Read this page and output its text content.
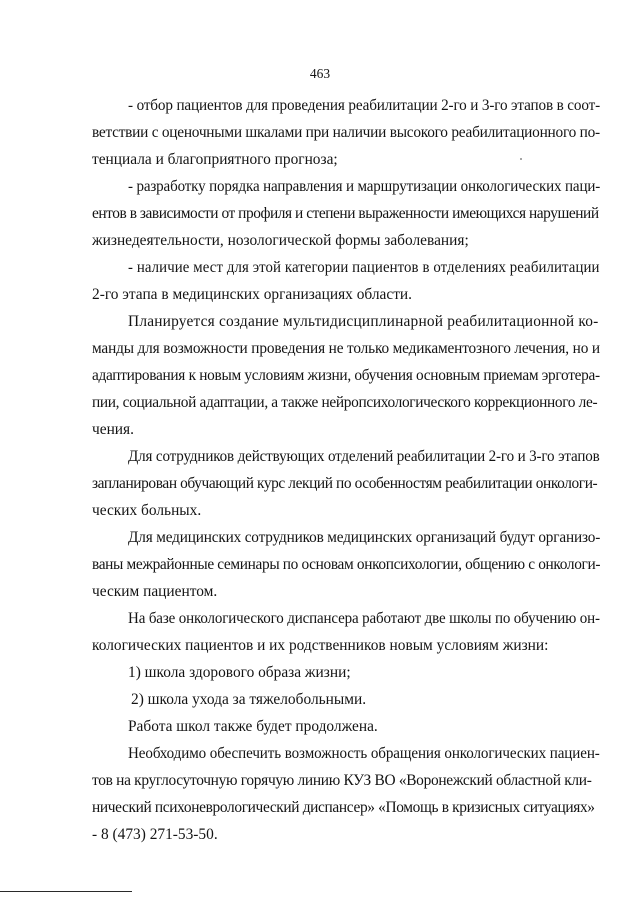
463
- отбор пациентов для проведения реабилитации 2-го и 3-го этапов в соот-
ветствии с оценочными шкалами при наличии высокого реабилитационного по-
тенциала и благоприятного прогноза;
- разработку порядка направления и маршрутизации онкологических паци-
ентов в зависимости от профиля и степени выраженности имеющихся нарушений
жизнедеятельности, нозологической формы заболевания;
- наличие мест для этой категории пациентов в отделениях реабилитации
2-го этапа в медицинских организациях области.
Планируется создание мультидисциплинарной реабилитационной ко-
манды для возможности проведения не только медикаментозного лечения, но и
адаптирования к новым условиям жизни, обучения основным приемам эрготера-
пии, социальной адаптации, а также нейропсихологического коррекционного ле-
чения.
Для сотрудников действующих отделений реабилитации 2-го и 3-го этапов
запланирован обучающий курс лекций по особенностям реабилитации онкологи-
ческих больных.
Для медицинских сотрудников медицинских организаций будут организо-
ваны межрайонные семинары по основам онкопсихологии, общению с онкологи-
ческим пациентом.
На базе онкологического диспансера работают две школы по обучению он-
кологических пациентов и их родственников новым условиям жизни:
1) школа здорового образа жизни;
2) школа ухода за тяжелобольными.
Работа школ также будет продолжена.
Необходимо обеспечить возможность обращения онкологических пациен-
тов на круглосуточную горячую линию КУЗ ВО «Воронежский областной кли-
нический психоневрологический диспансер» «Помощь в кризисных ситуациях»
- 8 (473) 271-53-50.
